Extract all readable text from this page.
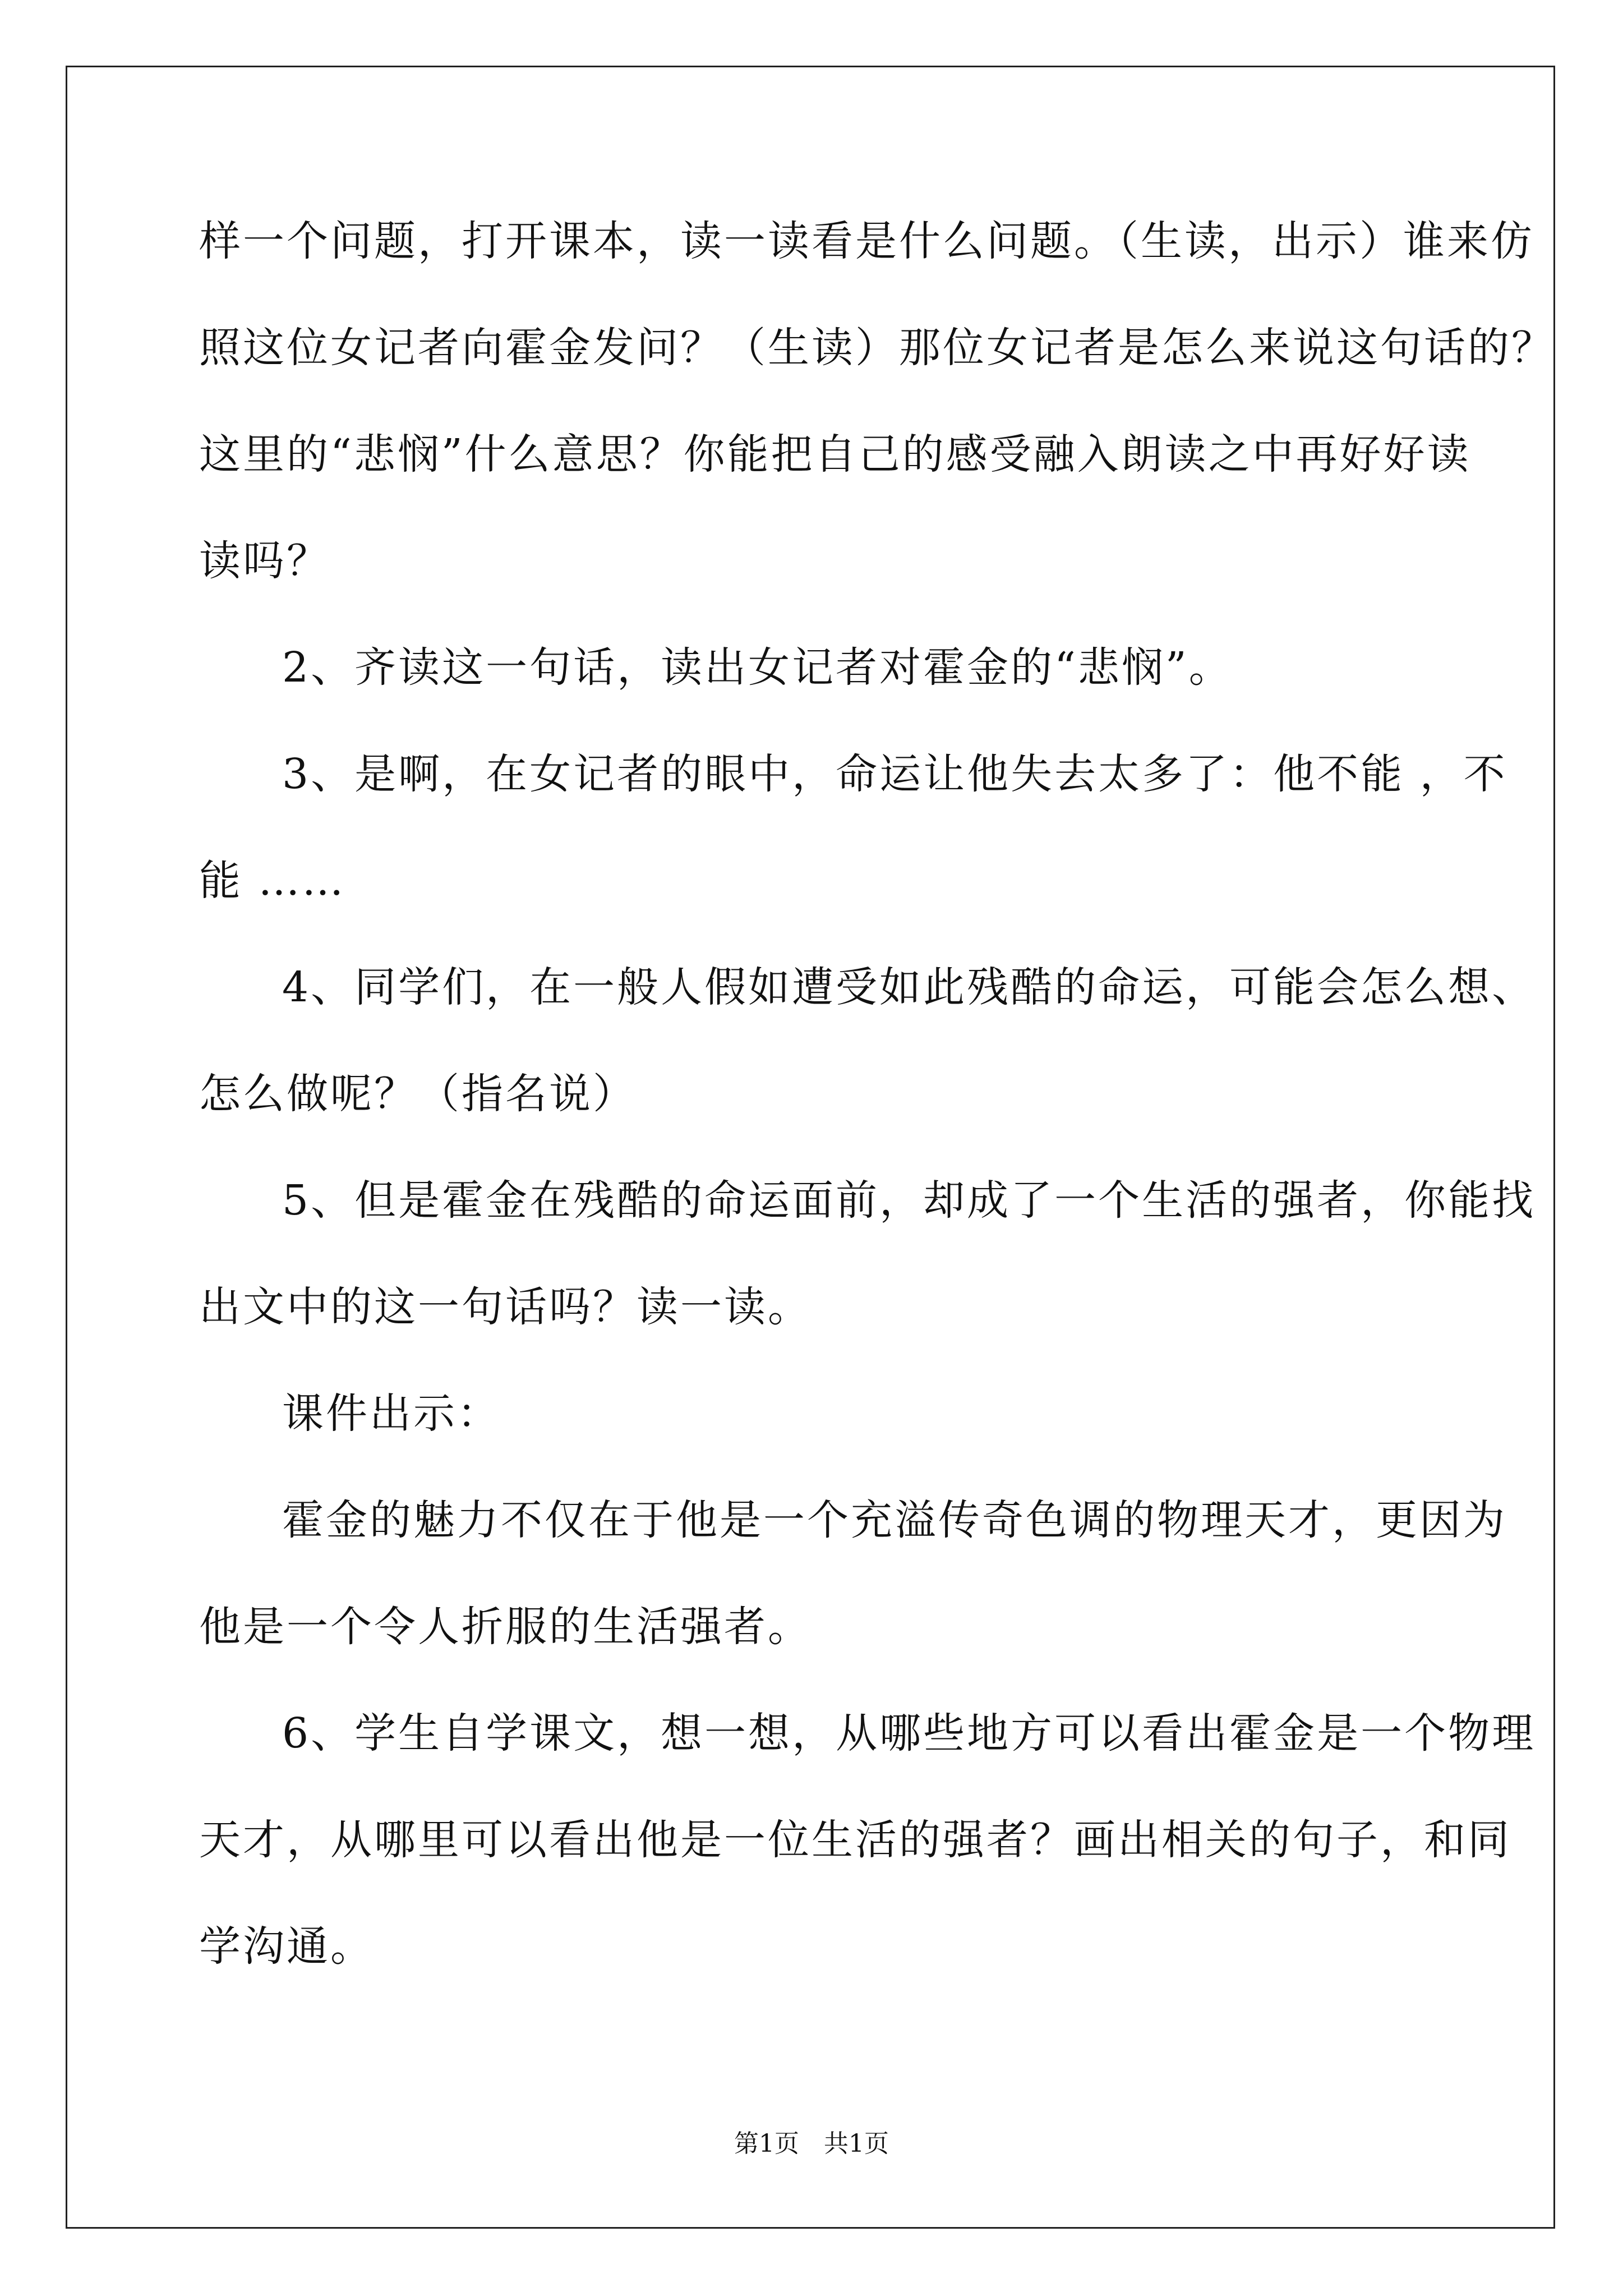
样一个问题，打开课本，读一读看是什么问题。（生读，出示）谁来仿
照这位女记者向霍金发问？（生读）那位女记者是怎么来说这句话的？
这里的“悲悯”什么意思？你能把自己的感受融入朗读之中再好好读
读吗？
2、齐读这一句话，读出女记者对霍金的“悲悯”。
3、是啊，在女记者的眼中，命运让他失去太多了：他不能 ，不
能 ……
4、同学们，在一般人假如遭受如此残酷的命运，可能会怎么想、
怎么做呢？（指名说）
5、但是霍金在残酷的命运面前，却成了一个生活的强者，你能找
出文中的这一句话吗？读一读。
课件出示：
霍金的魅力不仅在于他是一个充溢传奇色调的物理天才，更因为
他是一个令人折服的生活强者。
6、学生自学课文，想一想，从哪些地方可以看出霍金是一个物理
天才，从哪里可以看出他是一位生活的强者？画出相关的句子，和同
学沟通。
第1页　共1页
